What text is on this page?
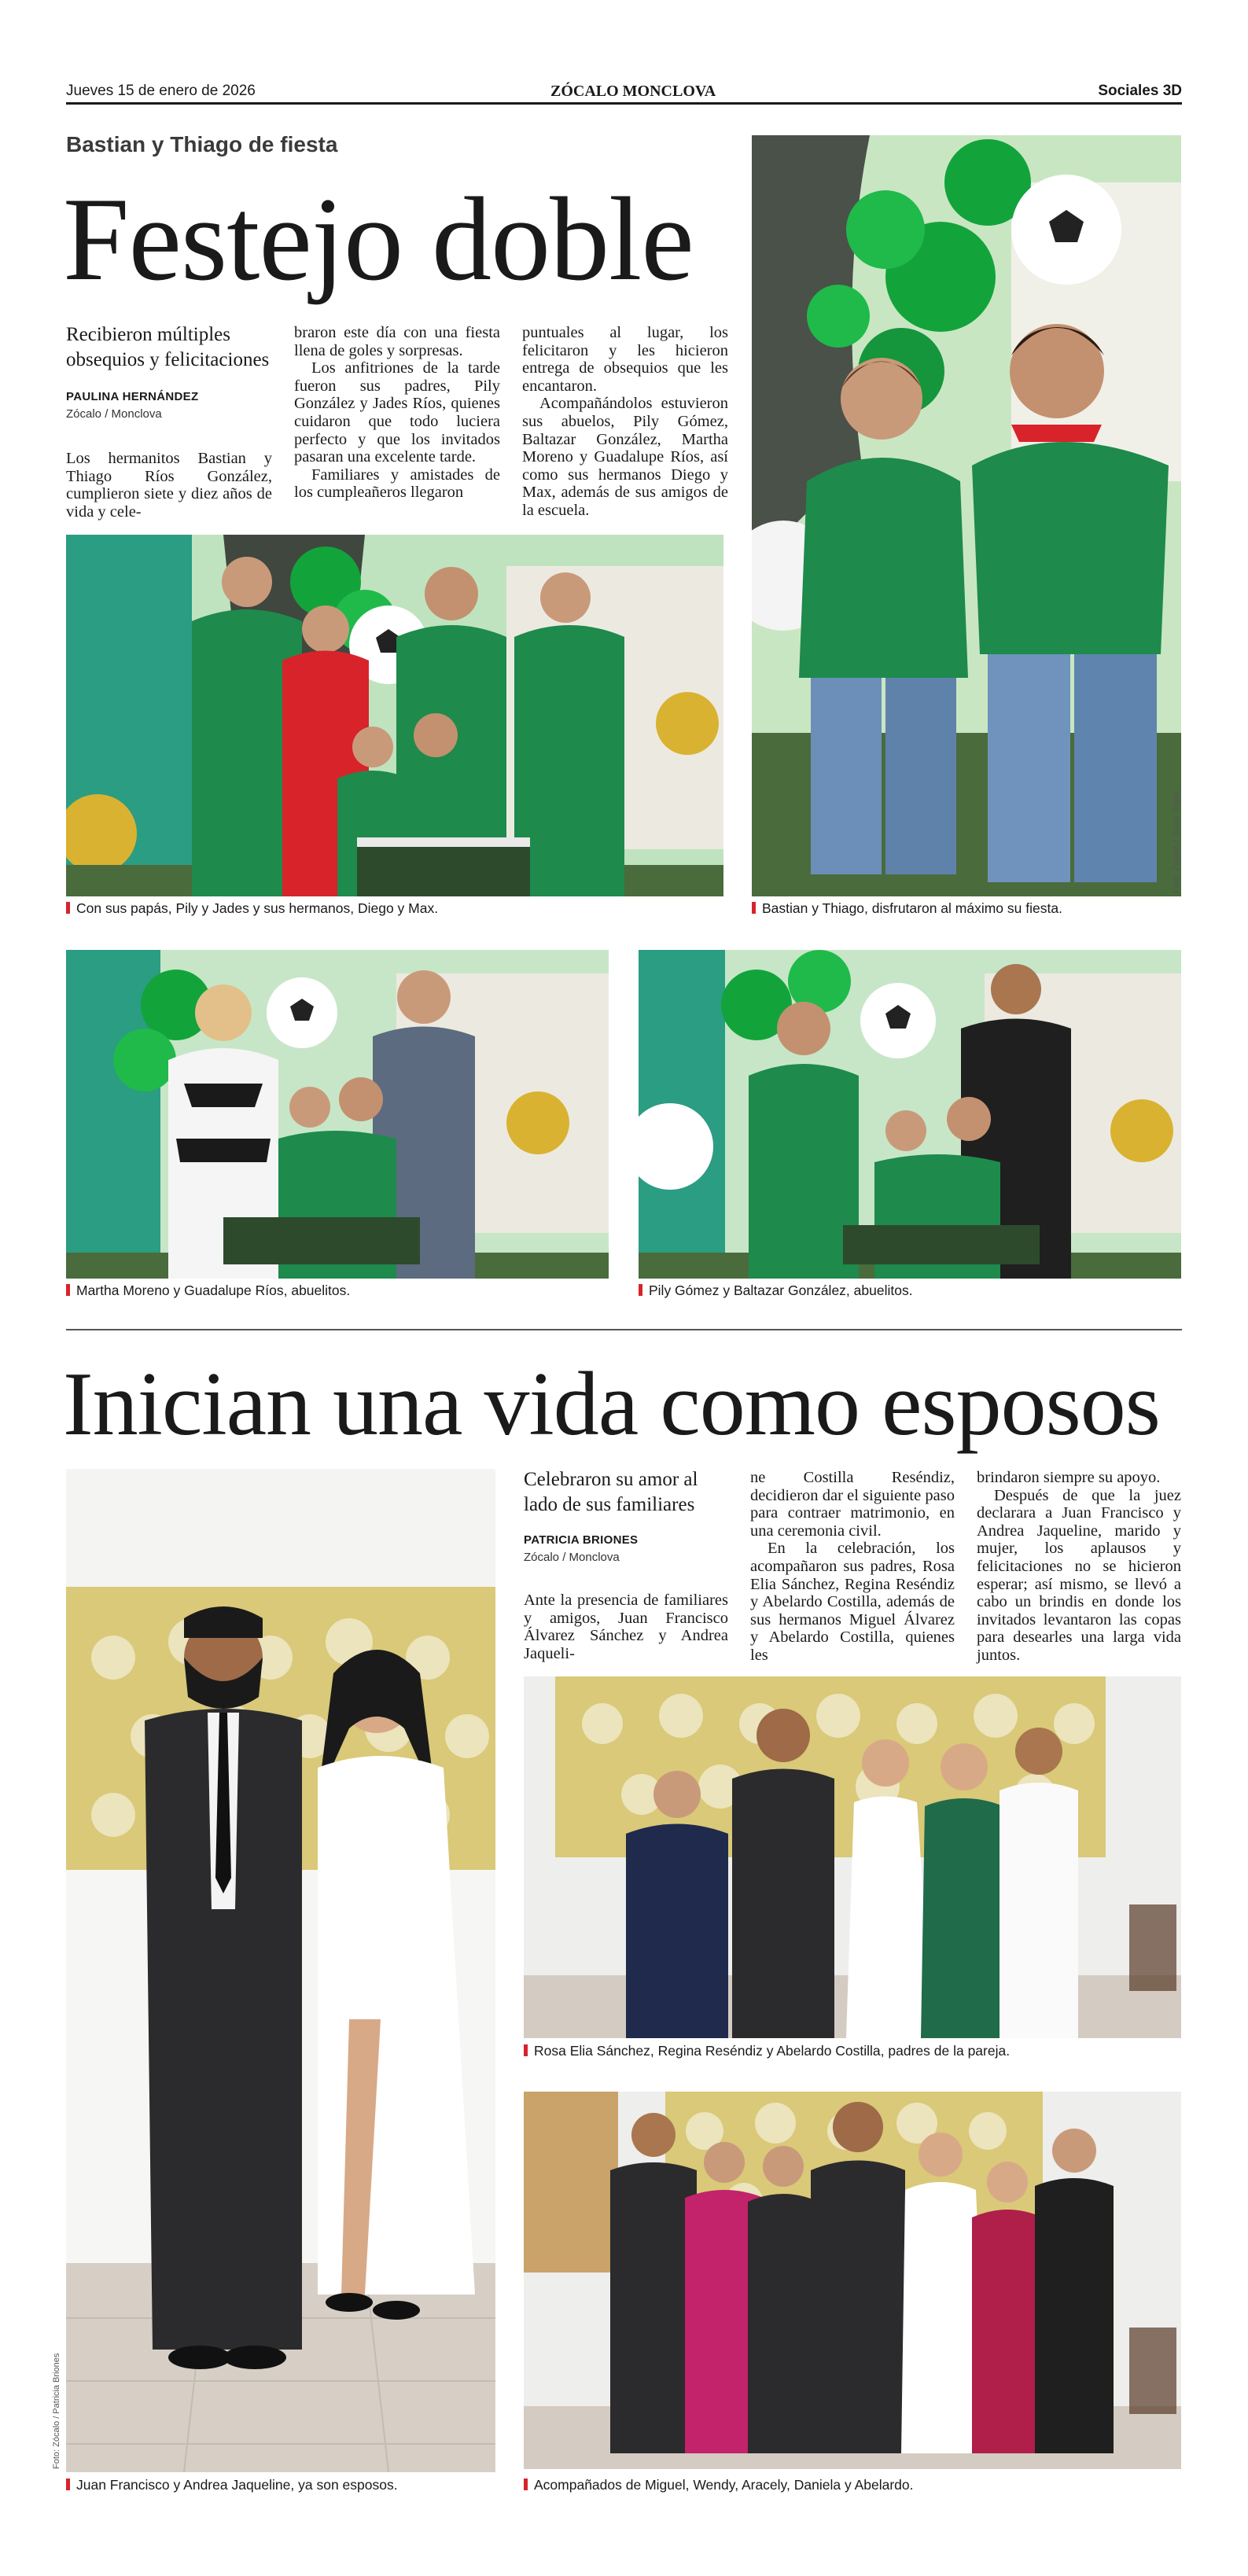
Jueves 15 de enero de 2026	ZÓCALO MONCLOVA	Sociales 3D
Bastian y Thiago de fiesta
Festejo doble
Recibieron múltiples obsequios y felicitaciones
PAULINA HERNÁNDEZ
Zócalo / Monclova

Los hermanitos Bastian y Thiago Ríos González, cumplieron siete y diez años de vida y cele-

braron este día con una fiesta llena de goles y sorpresas.

Los anfitriones de la tarde fueron sus padres, Pily González y Jades Ríos, quienes cuidaron que todo luciera perfecto y que los invitados pasaran una excelente tarde.

Familiares y amistades de los cumpleañeros llegaron

puntuales al lugar, los felicitaron y les hicieron entrega de obsequios que les encantaron.

Acompañándolos estuvieron sus abuelos, Pily Gómez, Baltazar González, Martha Moreno y Guadalupe Ríos, así como sus hermanos Diego y Max, además de sus amigos de la escuela.

Foto: Zócalo / Jesús Rojas
Bastian y Thiago, disfrutaron al máximo su fiesta.
Con sus papás, Pily y Jades y sus hermanos, Diego y Max.
Martha Moreno y Guadalupe Ríos, abuelitos.	Pily Gómez y Baltazar González, abuelitos.
Inician una vida como esposos
Foto: Zócalo / Patricia Briones
Juan Francisco y Andrea Jaqueline, ya son esposos.
Celebraron su amor al lado de sus familiares
PATRICIA BRIONES
Zócalo / Monclova

Ante la presencia de familiares y amigos, Juan Francisco Álvarez Sánchez y Andrea Jaqueli-

ne Costilla Reséndiz, decidieron dar el siguiente paso para contraer matrimonio, en una ceremonia civil.

En la celebración, los acompañaron sus padres, Rosa Elia Sánchez, Regina Reséndiz y Abelardo Costilla, además de sus hermanos Miguel Álvarez y Abelardo Costilla, quienes les

brindaron siempre su apoyo.

Después de que la juez declarara a Juan Francisco y Andrea Jaqueline, marido y mujer, los aplausos y felicitaciones no se hicieron esperar; así mismo, se llevó a cabo un brindis en donde los invitados levantaron las copas para desearles una larga vida juntos.

Rosa Elia Sánchez, Regina Reséndiz y Abelardo Costilla, padres de la pareja.
Acompañados de Miguel, Wendy, Aracely, Daniela y Abelardo.
